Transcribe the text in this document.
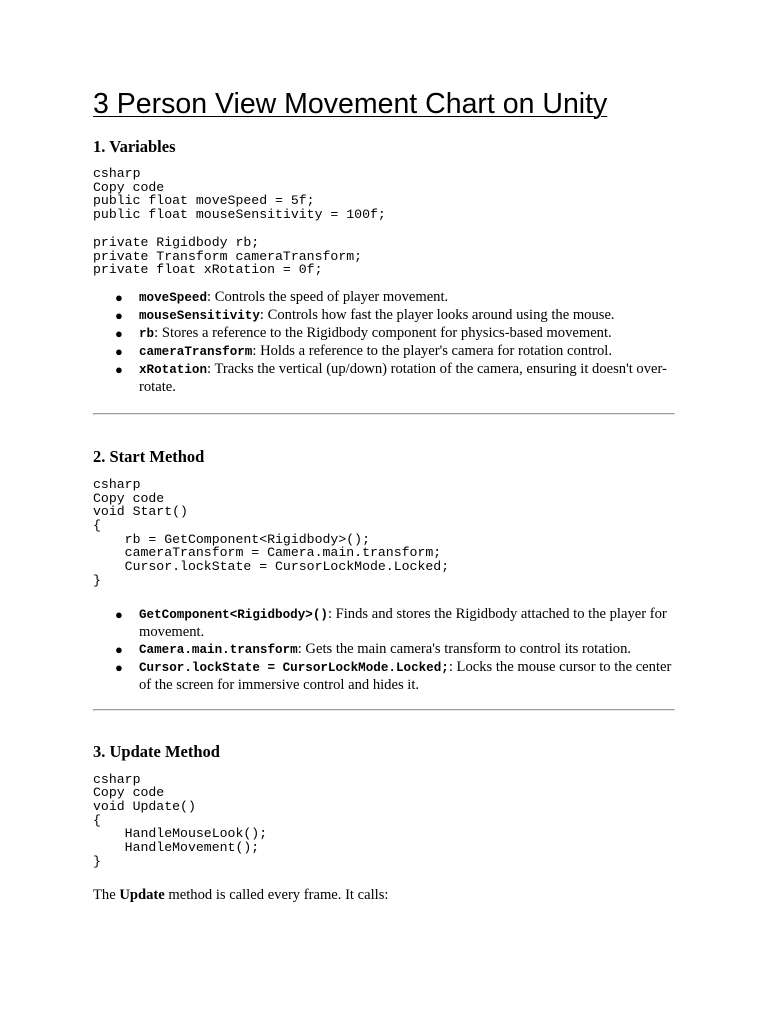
3 Person View Movement Chart on Unity
1. Variables
csharp
Copy code
public float moveSpeed = 5f;
public float mouseSensitivity = 100f;
private Rigidbody rb;
private Transform cameraTransform;
private float xRotation = 0f;
● moveSpeed: Controls the speed of player movement.
● mouseSensitivity: Controls how fast the player looks around using the mouse.
● rb: Stores a reference to the Rigidbody component for physics-based movement.
● cameraTransform: Holds a reference to the player's camera for rotation control.
● xRotation: Tracks the vertical (up/down) rotation of the camera, ensuring it doesn't over-rotate.
2. Start Method
csharp
Copy code
void Start()
{
rb = GetComponent<Rigidbody>();
cameraTransform = Camera.main.transform;
Cursor.lockState = CursorLockMode.Locked;
}
● GetComponent<Rigidbody>(): Finds and stores the Rigidbody attached to the player for movement.
● Camera.main.transform: Gets the main camera's transform to control its rotation.
● Cursor.lockState = CursorLockMode.Locked;: Locks the mouse cursor to the center of the screen for immersive control and hides it.
3. Update Method
csharp
Copy code
void Update()
{
HandleMouseLook();
HandleMovement();
}

The Update method is called every frame. It calls:
